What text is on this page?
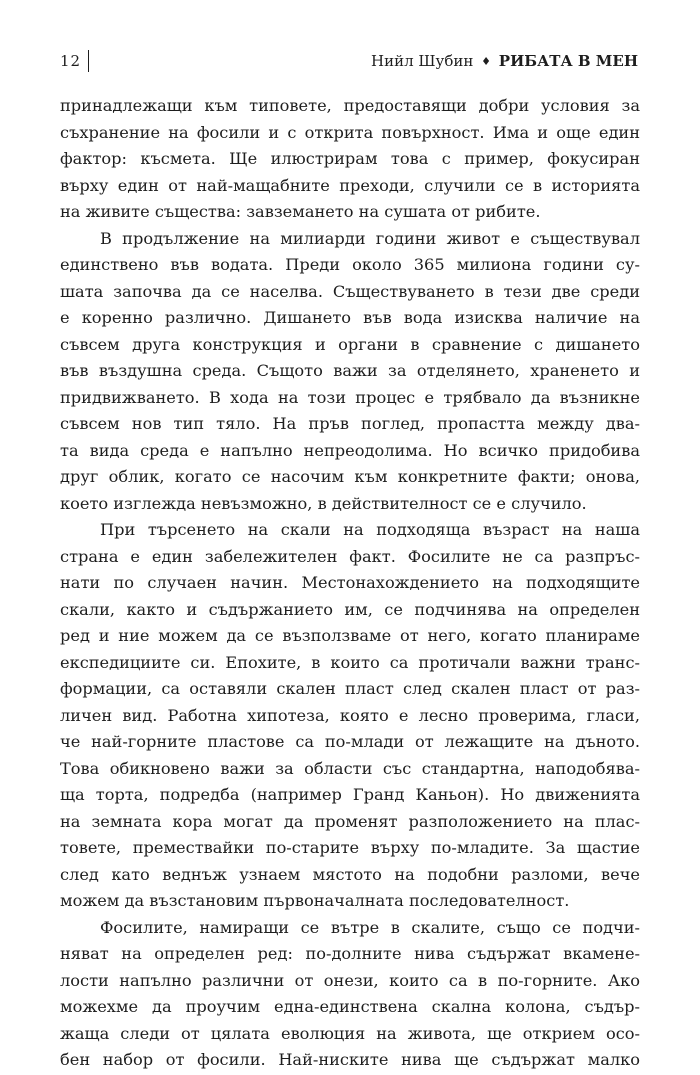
12	Нийл Шубин ♦ РИБАТА В МЕН
принадлежащи към типовете, предоставящи добри условия за
съхранение на фосили и с открита повърхност. Има и още един
фактор: късмета. Ще илюстрирам това с пример, фокусиран
върху един от най-мащабните преходи, случили се в историята
на живите същества: завземането на сушата от рибите.
В продължение на милиарди години живот е съществувал
единствено във водата. Преди около 365 милиона години су-
шата започва да се населва. Съществуването в тези две среди
е коренно различно. Дишането във вода изисква наличие на
съвсем друга конструкция и органи в сравнение с дишането
във въздушна среда. Същото важи за отделянето, храненето и
придвижването. В хода на този процес е трябвало да възникне
съвсем нов тип тяло. На пръв поглед, пропастта между два-
та вида среда е напълно непреодолима. Но всичко придобива
друг облик, когато се насочим към конкретните факти; онова,
което изглежда невъзможно, в действителност се е случило.
При търсенето на скали на подходяща възраст на наша
страна е един забележителен факт. Фосилите не са разпръс-
нати по случаен начин. Местонахождението на подходящите
скали, както и съдържанието им, се подчинява на определен
ред и ние можем да се възползваме от него, когато планираме
експедициите си. Епохите, в които са протичали важни транс-
формации, са оставяли скален пласт след скален пласт от раз-
личен вид. Работна хипотеза, която е лесно проверима, гласи,
че най-горните пластове са по-млади от лежащите на дъното.
Това обикновено важи за области със стандартна, наподобява-
ща торта, подредба (например Гранд Каньон). Но движенията
на земната кора могат да променят разположението на плас-
товете, премествайки по-старите върху по-младите. За щастие
след като веднъж узнаем мястото на подобни разломи, вече
можем да възстановим първоначалната последователност.
Фосилите, намиращи се вътре в скалите, също се подчи-
няват на определен ред: по-долните нива съдържат вкамене-
лости напълно различни от онези, които са в по-горните. Ако
можехме да проучим една-единствена скална колона, съдър-
жаща следи от цялата еволюция на живота, ще открием осо-
бен набор от фосили. Най-ниските нива ще съдържат малко
